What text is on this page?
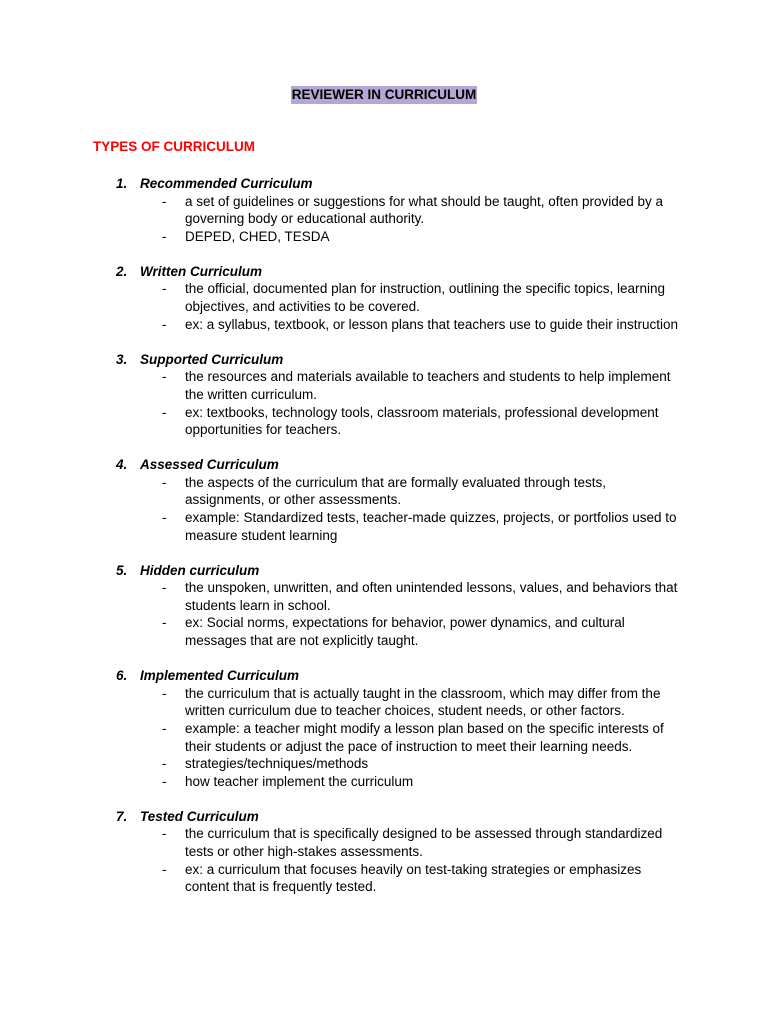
REVIEWER IN CURRICULUM
TYPES OF CURRICULUM
1. Recommended Curriculum
- a set of guidelines or suggestions for what should be taught, often provided by a governing body or educational authority.
- DEPED, CHED, TESDA
2. Written Curriculum
- the official, documented plan for instruction, outlining the specific topics, learning objectives, and activities to be covered.
- ex: a syllabus, textbook, or lesson plans that teachers use to guide their instruction
3. Supported Curriculum
- the resources and materials available to teachers and students to help implement the written curriculum.
- ex: textbooks, technology tools, classroom materials, professional development opportunities for teachers.
4. Assessed Curriculum
- the aspects of the curriculum that are formally evaluated through tests, assignments, or other assessments.
- example: Standardized tests, teacher-made quizzes, projects, or portfolios used to measure student learning
5. Hidden curriculum
- the unspoken, unwritten, and often unintended lessons, values, and behaviors that students learn in school.
- ex: Social norms, expectations for behavior, power dynamics, and cultural messages that are not explicitly taught.
6. Implemented Curriculum
- the curriculum that is actually taught in the classroom, which may differ from the written curriculum due to teacher choices, student needs, or other factors.
- example: a teacher might modify a lesson plan based on the specific interests of their students or adjust the pace of instruction to meet their learning needs.
- strategies/techniques/methods
- how teacher implement the curriculum
7. Tested Curriculum
- the curriculum that is specifically designed to be assessed through standardized tests or other high-stakes assessments.
- ex: a curriculum that focuses heavily on test-taking strategies or emphasizes content that is frequently tested.
